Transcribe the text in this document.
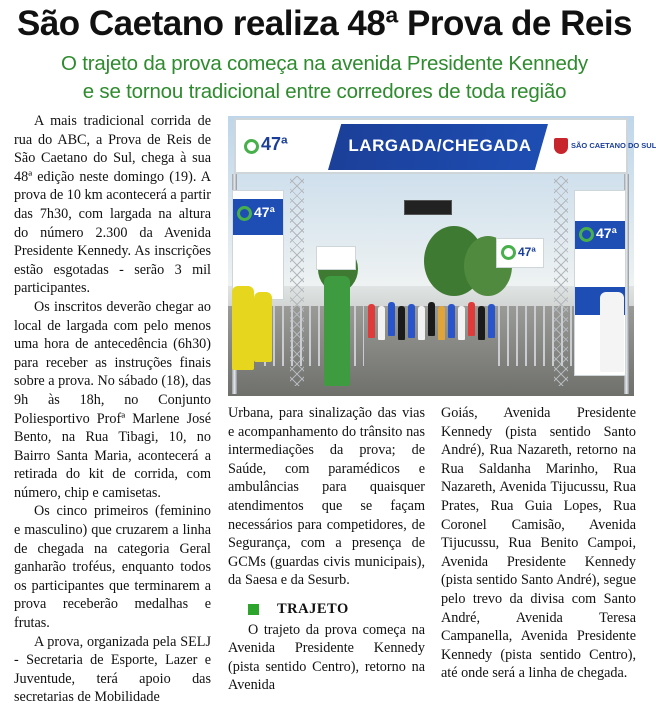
São Caetano realiza 48ª Prova de Reis
O trajeto da prova começa na avenida Presidente Kennedy
e se tornou tradicional entre corredores de toda região

A mais tradicional corrida de rua do ABC, a Prova de Reis de São Caetano do Sul, chega à sua 48ª edição neste domingo (19). A prova de 10 km acontecerá a partir das 7h30, com largada na altura do número 2.300 da Avenida Presidente Kennedy. As inscrições estão esgotadas - serão 3 mil participantes.

Os inscritos deverão chegar ao local de largada com pelo menos uma hora de antecedência (6h30) para receber as instruções finais sobre a prova. No sábado (18), das 9h às 18h, no Conjunto Poliesportivo Profª Marlene José Bento, na Rua Tibagi, 10, no Bairro Santa Maria, acontecerá a retirada do kit de corrida, com número, chip e camisetas.

Os cinco primeiros (feminino e masculino) que cruzarem a linha de chegada na categoria Geral ganharão troféus, enquanto todos os participantes que terminarem a prova receberão medalhas e frutas.

A prova, organizada pela SELJ - Secretaria de Esporte, Lazer e Juventude, terá apoio das secretarias de Mobilidade

47ª	LARGADA/CHEGADA	SÃO CAETANO DO SUL
47ª
47ª
47ª
Urbana, para sinalização das vias e acompanhamento do trânsito nas intermediações da prova; de Saúde, com paramédicos e ambulâncias para quaisquer atendimentos que se façam necessários para competidores, de Segurança, com a presença de GCMs (guardas civis municipais), da Saesa e da Sesurb.
TRAJETO

O trajeto da prova começa na Avenida Presidente Kennedy (pista sentido Centro), retorno na Avenida

Goiás, Avenida Presidente Kennedy (pista sentido Santo André), Rua Nazareth, retorno na Rua Saldanha Marinho, Rua Nazareth, Avenida Tijucussu, Rua Prates, Rua Guia Lopes, Rua Coronel Camisão, Avenida Tijucussu, Rua Benito Campoi, Avenida Presidente Kennedy (pista sentido Santo André), segue pelo trevo da divisa com Santo André, Avenida Teresa Campanella, Avenida Presidente Kennedy (pista sentido Centro), até onde será a linha de chegada.
